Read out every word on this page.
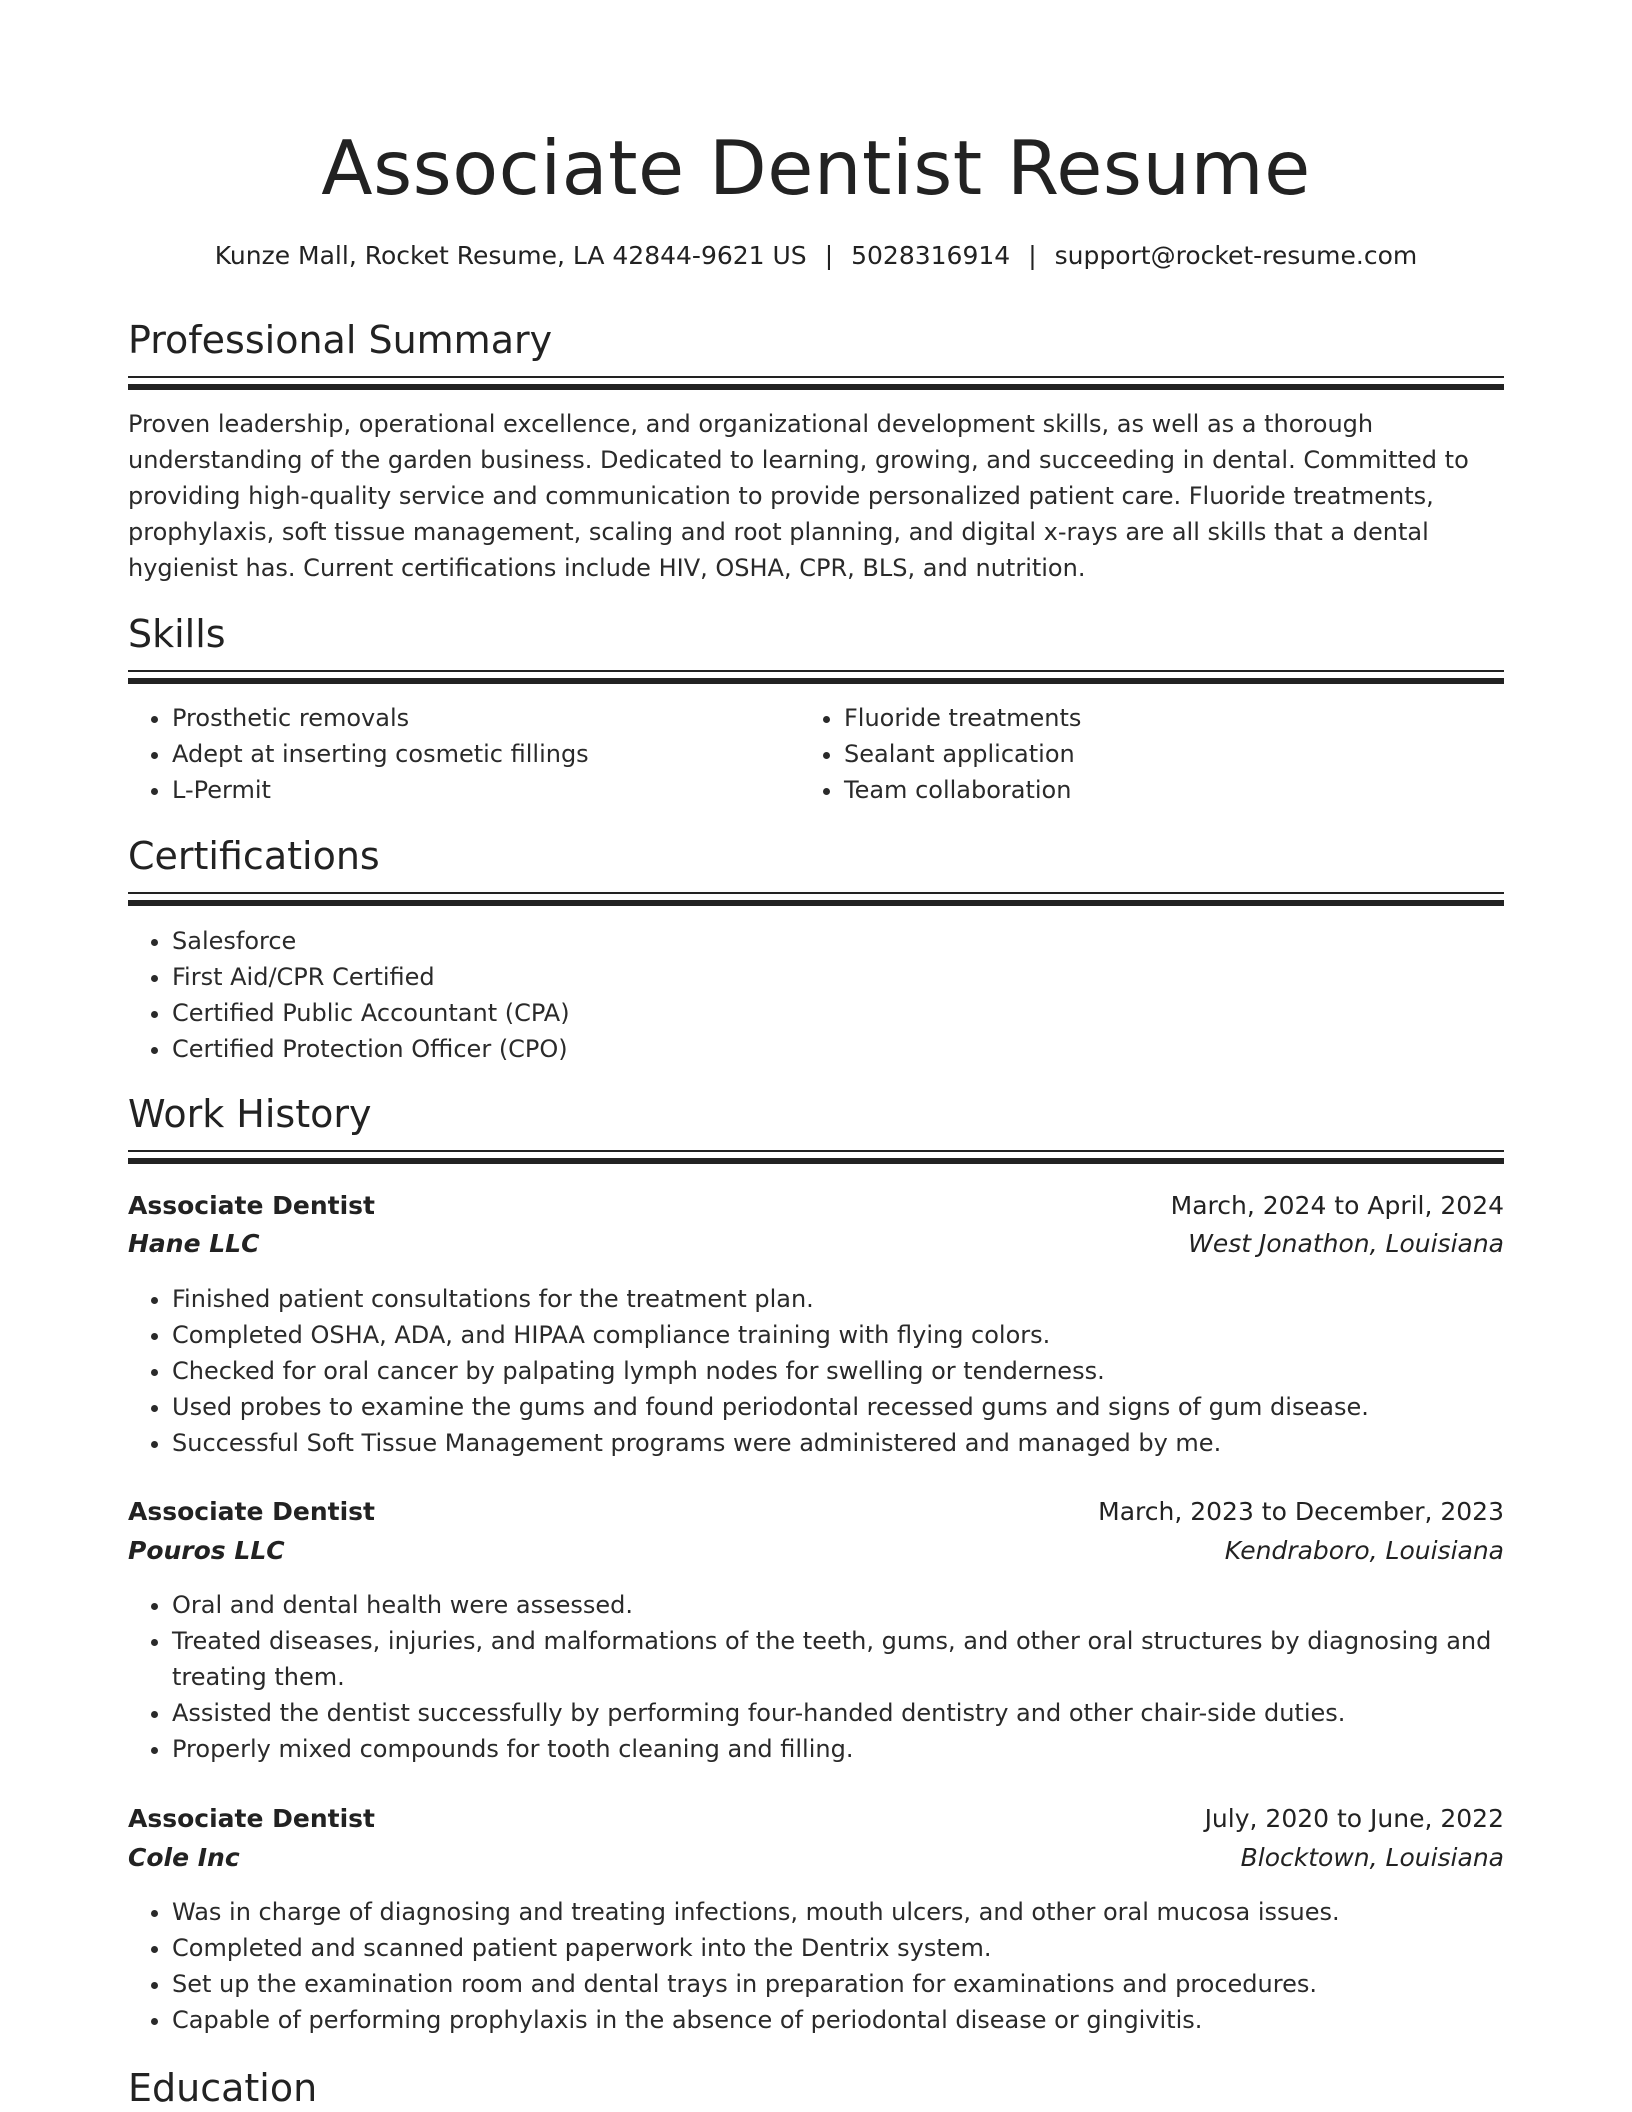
Associate Dentist Resume
Kunze Mall, Rocket Resume, LA 42844-9621 US | 5028316914 | support@rocket-resume.com
Professional Summary

Proven leadership, operational excellence, and organizational development skills, as well as a thorough understanding of the garden business. Dedicated to learning, growing, and succeeding in dental. Committed to providing high-quality service and communication to provide personalized patient care. Fluoride treatments, prophylaxis, soft tissue management, scaling and root planning, and digital x-rays are all skills that a dental hygienist has. Current certifications include HIV, OSHA, CPR, BLS, and nutrition.

Skills
• Prosthetic removals
• Adept at inserting cosmetic fillings
• L-Permit
• Fluoride treatments
• Sealant application
• Team collaboration
Certifications
• Salesforce
• First Aid/CPR Certified
• Certified Public Accountant (CPA)
• Certified Protection Officer (CPO)
Work History
Associate Dentist	March, 2024 to April, 2024
Hane LLC	West Jonathon, Louisiana
• Finished patient consultations for the treatment plan.
• Completed OSHA, ADA, and HIPAA compliance training with flying colors.
• Checked for oral cancer by palpating lymph nodes for swelling or tenderness.
• Used probes to examine the gums and found periodontal recessed gums and signs of gum disease.
• Successful Soft Tissue Management programs were administered and managed by me.
Associate Dentist	March, 2023 to December, 2023
Pouros LLC	Kendraboro, Louisiana
• Oral and dental health were assessed.
• Treated diseases, injuries, and malformations of the teeth, gums, and other oral structures by diagnosing and treating them.
• Assisted the dentist successfully by performing four-handed dentistry and other chair-side duties.
• Properly mixed compounds for tooth cleaning and filling.
Associate Dentist	July, 2020 to June, 2022
Cole Inc	Blocktown, Louisiana
• Was in charge of diagnosing and treating infections, mouth ulcers, and other oral mucosa issues.
• Completed and scanned patient paperwork into the Dentrix system.
• Set up the examination room and dental trays in preparation for examinations and procedures.
• Capable of performing prophylaxis in the absence of periodontal disease or gingivitis.
Education
